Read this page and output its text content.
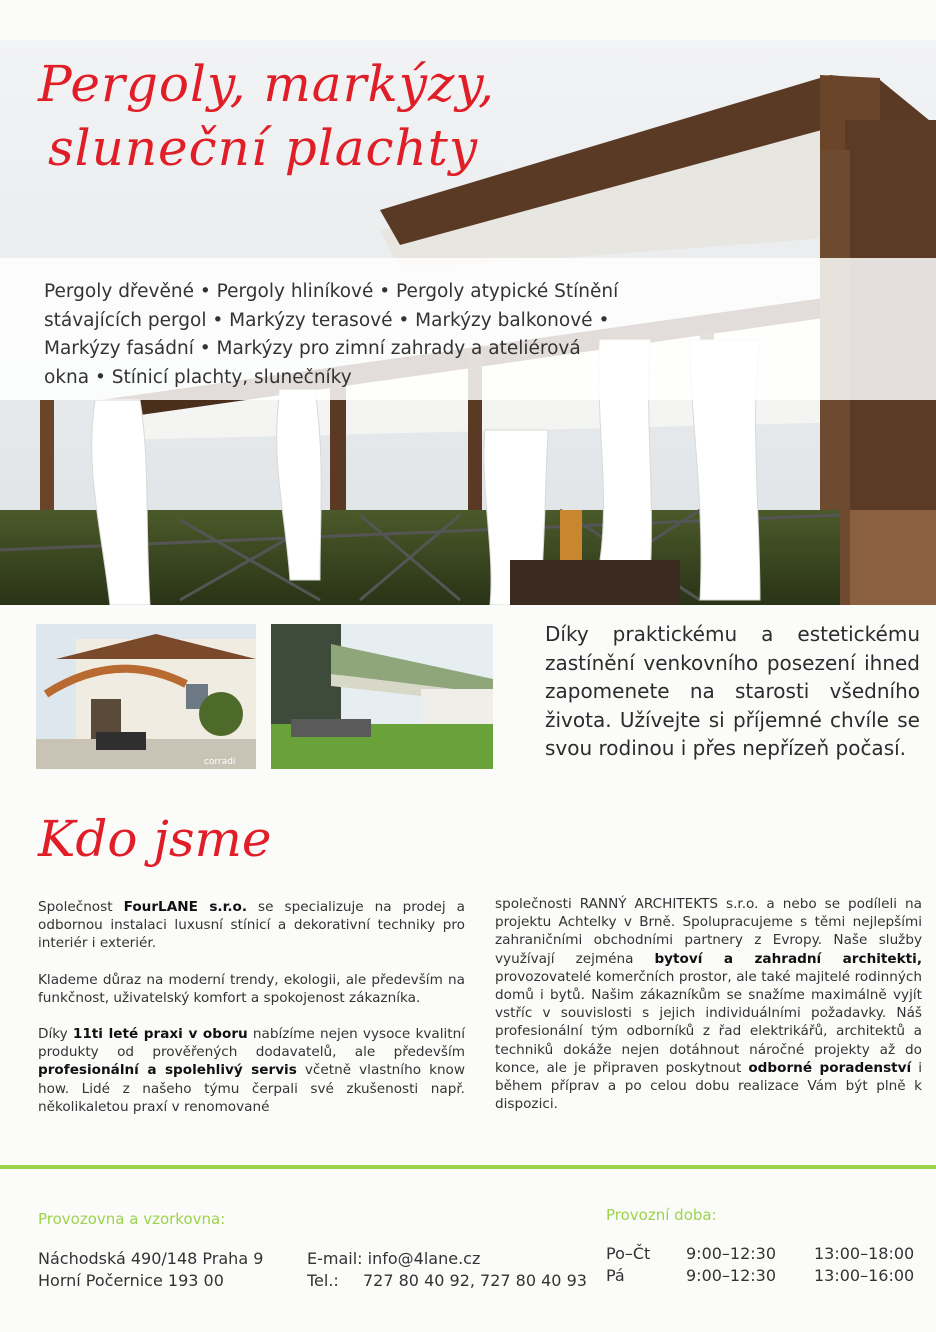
Pergoly, markýzy,
sluneční plachty
Pergoly dřevěné • Pergoly hliníkové • Pergoly atypické Stínění stávajících pergol • Markýzy terasové • Markýzy balkonové • Markýzy fasádní • Markýzy pro zimní zahrady a ateliérová okna • Stínicí plachty, slunečníky
corradi
Díky praktickému a estetickému zastínění venkovního posezení ihned zapomenete na starosti všedního života. Užívejte si příjemné chvíle se svou rodinou i přes nepřízeň počasí.
Kdo jsme

Společnost FourLANE s.r.o. se specializuje na prodej a odbornou instalaci luxusní stínicí a dekorativní techniky pro interiér i exteriér.

Klademe důraz na moderní trendy, ekologii, ale především na funkčnost, uživatelský komfort a spokojenost zákazníka.

Díky 11ti leté praxi v oboru nabízíme nejen vysoce kvalitní produkty od prověřených dodavatelů, ale především profesionální a spolehlivý servis včetně vlastního know how. Lidé z našeho týmu čerpali své zkušenosti např. několikaletou praxí v renomované

společnosti RANNÝ ARCHITEKTS s.r.o. a nebo se podíleli na projektu Achtelky v Brně. Spolupracujeme s těmi nejlepšími zahraničními obchodními partnery z Evropy. Naše služby využívají zejména bytoví a zahradní architekti, provozovatelé komerčních prostor, ale také majitelé rodinných domů i bytů. Našim zákazníkům se snažíme maximálně vyjít vstříc v souvislosti s jejich individuálními požadavky. Náš profesionální tým odborníků z řad elektrikářů, architektů a techniků dokáže nejen dotáhnout náročné projekty až do konce, ale je připraven poskytnout odborné poradenství i během příprav a po celou dobu realizace Vám být plně k dispozici.

Provozovna a vzorkovna:
Náchodská 490/148 Praha 9
Horní Počernice 193 00
E-mail: info@4lane.cz
Tel.: 727 80 40 92, 727 80 40 93
Provozní doba:
Po–Čt 9:00–12:30 13:00–18:00
Pá	9:00–12:30 13:00–16:00
